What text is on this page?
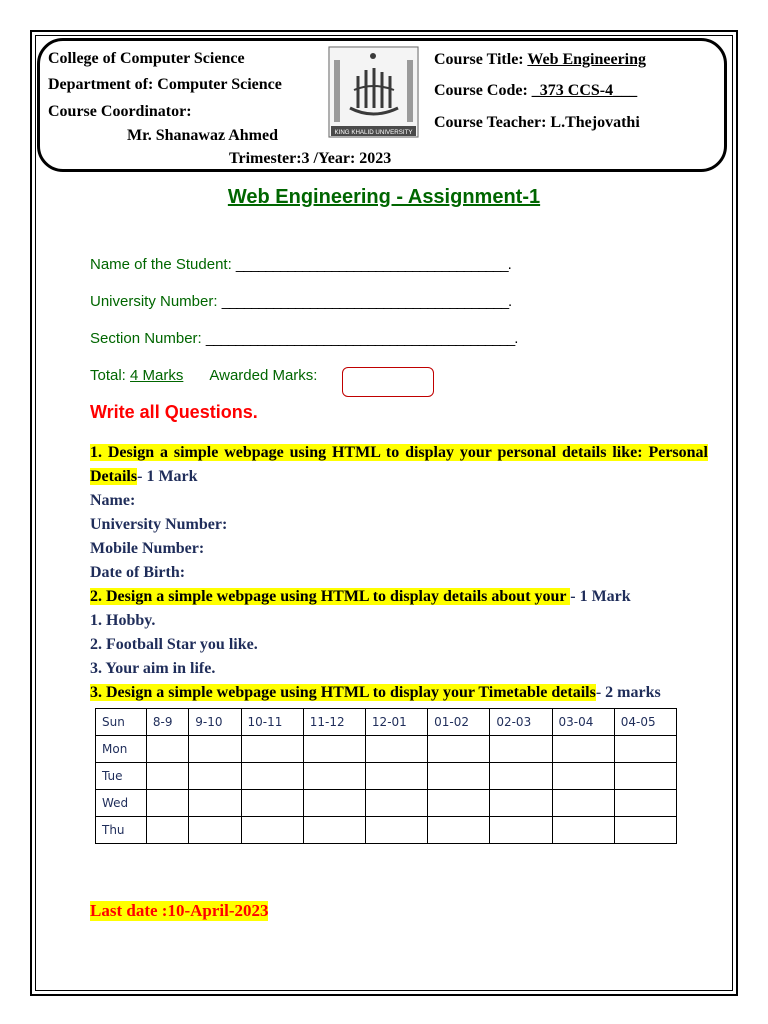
College of Computer Science
Department of: Computer Science
Course Coordinator:
Mr. Shanawaz Ahmed
Trimester:3 /Year: 2023
Course Title: Web Engineering
Course Code: _373 CCS-4___
Course Teacher: L.Thejovathi
KING KHALID UNIVERSITY
Web Engineering - Assignment-1
Name of the Student: _____________________________________.
University Number: _______________________________________.
Section Number: __________________________________________.
Total: 4 Marks Awarded Marks:
Write all Questions.
1. Design a simple webpage using HTML to display your personal details like: Personal Details- 1 Mark
Name:
University Number:
Mobile Number:
Date of Birth:
2. Design a simple webpage using HTML to display details about your - 1 Mark
1. Hobby.
2. Football Star you like.
3. Your aim in life.
3. Design a simple webpage using HTML to display your Timetable details- 2 marks
Sun	8-9	9-10	10-11	11-12	12-01	01-02	02-03	03-04	04-05
Mon									
Tue									
Wed									
Thu									
Last date :10-April-2023
